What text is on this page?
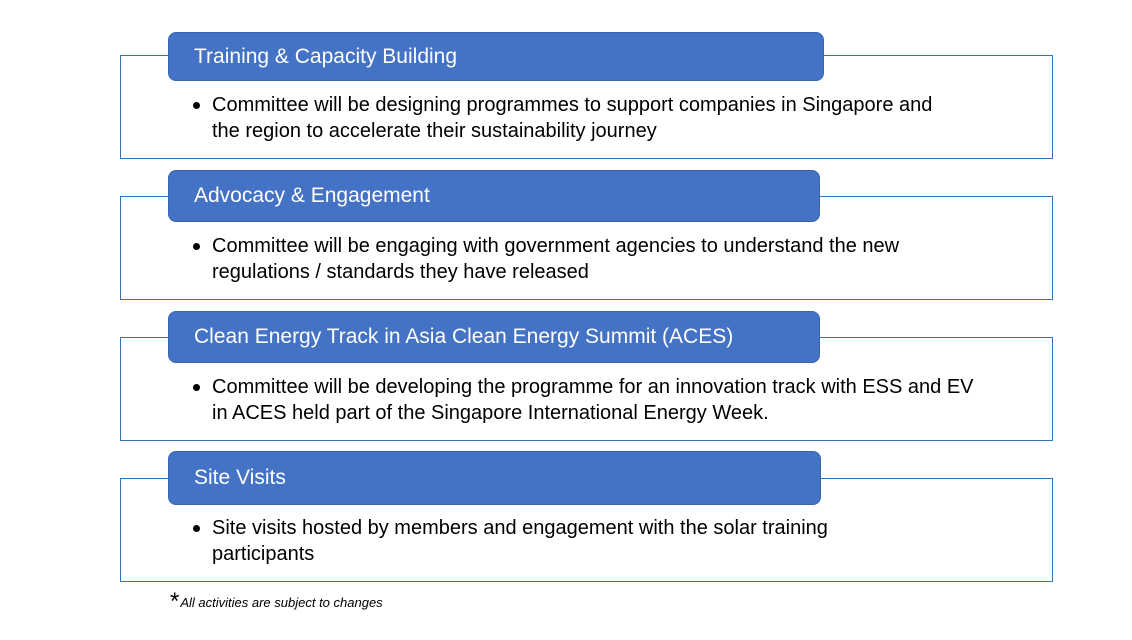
Training & Capacity Building
Committee will be designing programmes to support companies in Singapore and the region to accelerate their sustainability journey
Advocacy & Engagement
Committee will be engaging with government agencies to understand the new regulations / standards they have released
Clean Energy Track in Asia Clean Energy Summit (ACES)
Committee will be developing the programme for an innovation track with ESS and EV in ACES held part of the Singapore International Energy Week.
Site Visits
Site visits hosted by members and engagement with the solar training participants
*All activities are subject to changes
